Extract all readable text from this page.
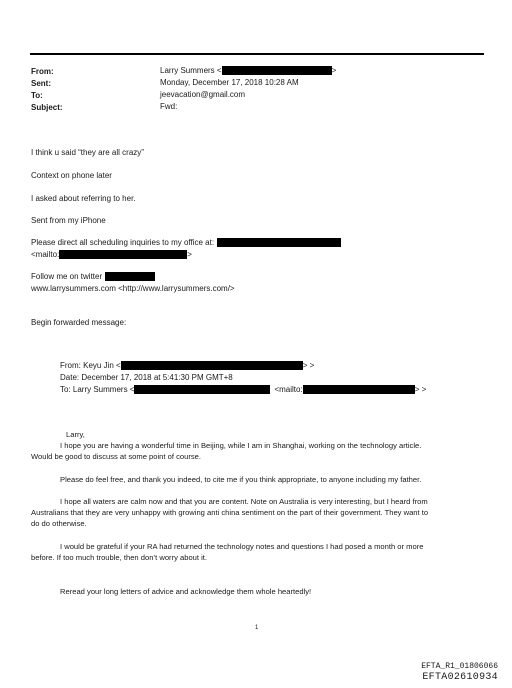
From:	Larry Summers <	>
Sent:	Monday, December 17, 2018 10:28 AM
To:	jeevacation@gmail.com
Subject:	Fwd:
I think u said “they are all crazy”
Context on phone later
I asked about referring to her.
Sent from my iPhone
Please direct all scheduling inquiries to my office at:
<mailto:	>
Follow me on twitter
www.larrysummers.com <http://www.larrysummers.com/>
Begin forwarded message:
From: Keyu Jin <	> >
Date: December 17, 2018 at 5:41:30 PM GMT+8
To: Larry Summers <	<mailto:	> >
Larry,
I hope you are having a wonderful time in Beijing, while I am in Shanghai, working on the technology article.
Would be good to discuss at some point of course.
Please do feel free, and thank you indeed, to cite me if you think appropriate, to anyone including my father.
I hope all waters are calm now and that you are content. Note on Australia is very interesting, but I heard from
Australians that they are very unhappy with growing anti china sentiment on the part of their government. They want to
do do otherwise.
I would be grateful if your RA had returned the technology notes and questions I had posed a month or more
before. If too much trouble, then don’t worry about it.
Reread your long letters of advice and acknowledge them whole heartedly!
1
EFTA_R1_01806066
EFTA02610934
